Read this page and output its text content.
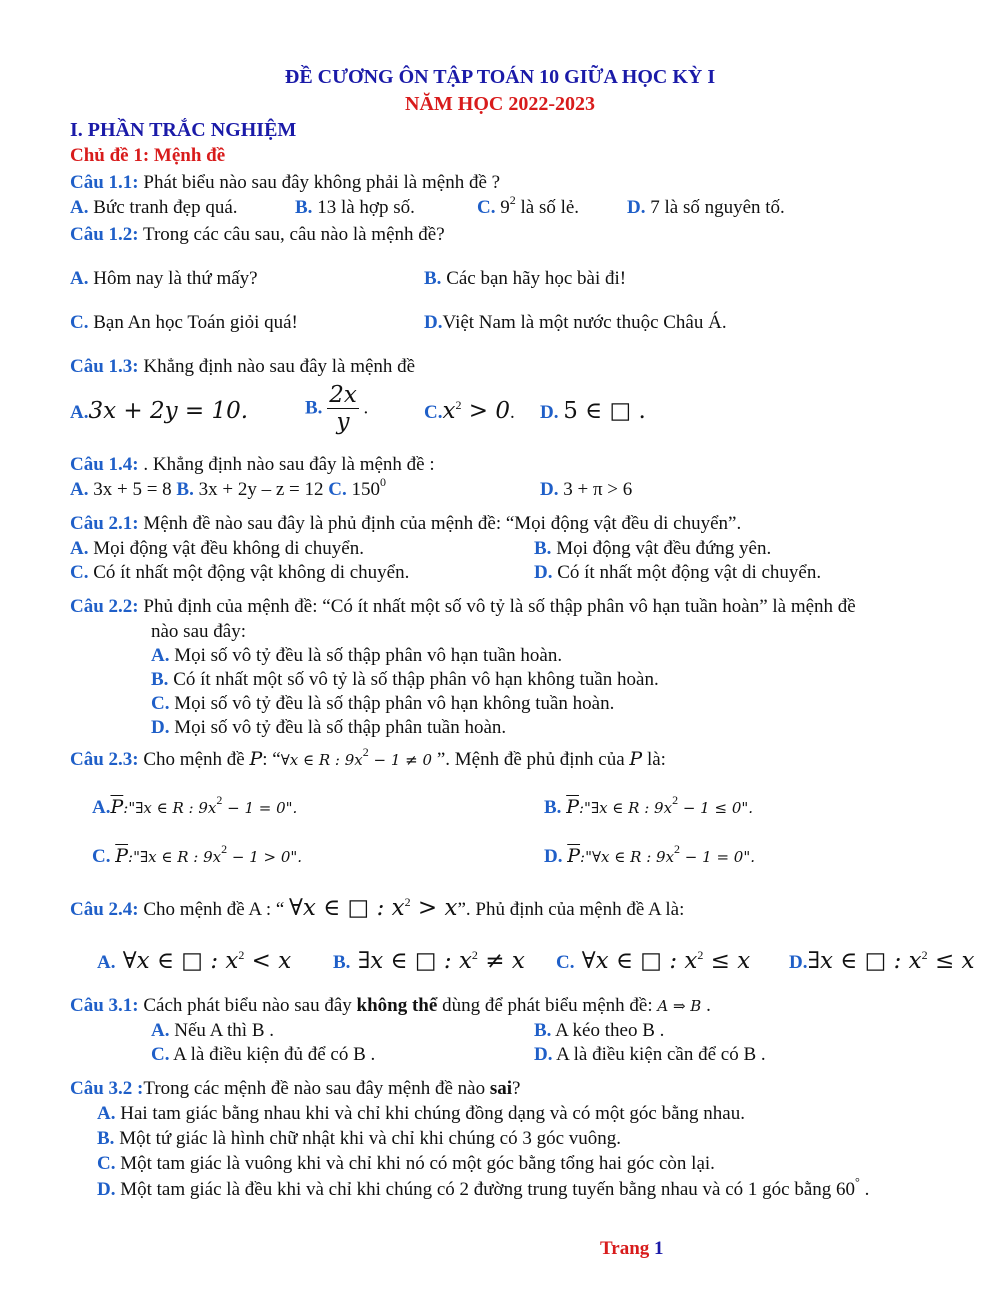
ĐỀ CƯƠNG ÔN TẬP TOÁN 10 GIỮA HỌC KỲ I
NĂM HỌC 2022-2023
I. PHẦN TRẮC NGHIỆM
Chủ đề 1: Mệnh đề
Câu 1.1: Phát biểu nào sau đây không phải là mệnh đề ?
A. Bức tranh đẹp quá.	B. 13 là hợp số.	C. $9^2$ là số lẻ.	D. 7 là số nguyên tố.
Câu 1.2: Trong các câu sau, câu nào là mệnh đề?
A. Hôm nay là thứ mấy?	B. Các bạn hãy học bài đi!
C. Bạn An học Toán giỏi quá!	D.Việt Nam là một nước thuộc Châu Á.
Câu 1.3: Khẳng định nào sau đây là mệnh đề
A.3x + 2y = 10.	B. $\frac{2x}{y}$ .	$C.x^2 > 0$. D. 5 ∈ □ .
Câu 1.4: . Khẳng định nào sau đây là mệnh đề :
A. 3x + 5 = 8 B. 3x + 2y – z = 12 C. $150^0$	D. 3 + π > 6
Câu 2.1: Mệnh đề nào sau đây là phủ định của mệnh đề: “Mọi động vật đều di chuyển”.
A. Mọi động vật đều không di chuyển.	B. Mọi động vật đều đứng yên.
C. Có ít nhất một động vật không di chuyển.	D. Có ít nhất một động vật di chuyển.
Câu 2.2: Phủ định của mệnh đề: “Có ít nhất một số vô tỷ là số thập phân vô hạn tuần hoàn” là mệnh đề
nào sau đây:
A. Mọi số vô tỷ đều là số thập phân vô hạn tuần hoàn.
B. Có ít nhất một số vô tỷ là số thập phân vô hạn không tuần hoàn.
C. Mọi số vô tỷ đều là số thập phân vô hạn không tuần hoàn.
D. Mọi số vô tỷ đều là số thập phân tuần hoàn.
Câu 2.3: Cho mệnh đề P: “∀x ∈ R : $9x^2 - 1 \ne 0$ ”. Mệnh đề phủ định của P là:
$A.\overline{P}:"\exists x$ ∈ R : $9x^2 - 1 = 0$".	B. $\overline{P}:"\exists x$ ∈ R : $9x^2 - 1 \le 0$".
C. $\overline{P}:"\exists x$ ∈ R : $9x^2 - 1 > 0$".	D. $\overline{P}:"\forall x$ ∈ R : $9x^2 - 1 = 0$".
Câu 2.4: Cho mệnh đề A : “ ∀x ∈ □ : $x^2 > x$”. Phủ định của mệnh đề A là:
A. ∀x ∈ □ : $x^2 < x$ B. ∃x ∈ □ : $x^2 \ne x$ C. ∀x ∈ □ : $x^2 \le x$ D.∃x ∈ □ : $x^2 \le x$
Câu 3.1: Cách phát biểu nào sau đây không thể dùng để phát biểu mệnh đề: A ⇒ B .
A. Nếu A thì B .	B. A kéo theo B .
C. A là điều kiện đủ để có B .	D. A là điều kiện cần để có B .
Câu 3.2 :Trong các mệnh đề nào sau đây mệnh đề nào sai?
A. Hai tam giác bằng nhau khi và chỉ khi chúng đồng dạng và có một góc bằng nhau.
B. Một tứ giác là hình chữ nhật khi và chỉ khi chúng có 3 góc vuông.
C. Một tam giác là vuông khi và chỉ khi nó có một góc bằng tổng hai góc còn lại.
D. Một tam giác là đều khi và chỉ khi chúng có 2 đường trung tuyến bằng nhau và có 1 góc bằng 60° .
Trang 1
